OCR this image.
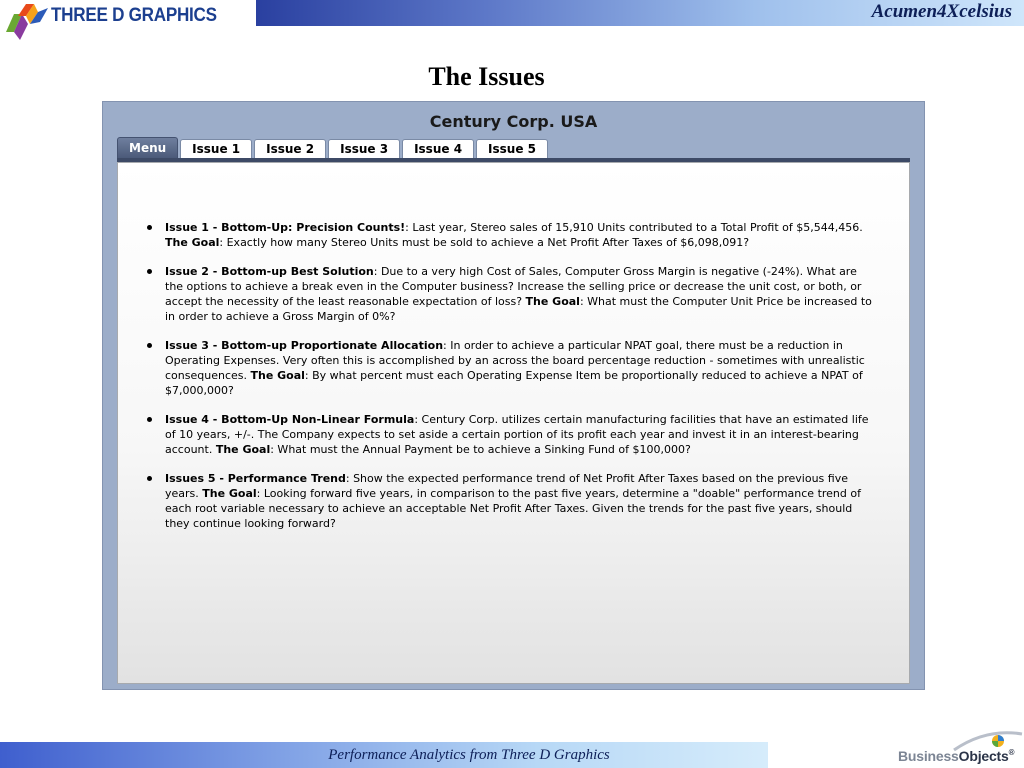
THREE D GRAPHICS	Acumen4Xcelsius
The Issues
Century Corp. USA
Menu	Issue 1	Issue 2	Issue 3	Issue 4	Issue 5
Issue 1 - Bottom-Up: Precision Counts!: Last year, Stereo sales of 15,910 Units contributed to a Total Profit of $5,544,456. The Goal: Exactly how many Stereo Units must be sold to achieve a Net Profit After Taxes of $6,098,091?
Issue 2 - Bottom-up Best Solution: Due to a very high Cost of Sales, Computer Gross Margin is negative (-24%). What are the options to achieve a break even in the Computer business? Increase the selling price or decrease the unit cost, or both, or accept the necessity of the least reasonable expectation of loss? The Goal: What must the Computer Unit Price be increased to in order to achieve a Gross Margin of 0%?
Issue 3 - Bottom-up Proportionate Allocation: In order to achieve a particular NPAT goal, there must be a reduction in Operating Expenses. Very often this is accomplished by an across the board percentage reduction - sometimes with unrealistic consequences. The Goal: By what percent must each Operating Expense Item be proportionally reduced to achieve a NPAT of $7,000,000?
Issue 4 - Bottom-Up Non-Linear Formula: Century Corp. utilizes certain manufacturing facilities that have an estimated life of 10 years, +/-. The Company expects to set aside a certain portion of its profit each year and invest it in an interest-bearing account. The Goal: What must the Annual Payment be to achieve a Sinking Fund of $100,000?
Issues 5 - Performance Trend: Show the expected performance trend of Net Profit After Taxes based on the previous five years. The Goal: Looking forward five years, in comparison to the past five years, determine a "doable" performance trend of each root variable necessary to achieve an acceptable Net Profit After Taxes. Given the trends for the past five years, should they continue looking forward?
Performance Analytics from Three D Graphics	BusinessObjects®
